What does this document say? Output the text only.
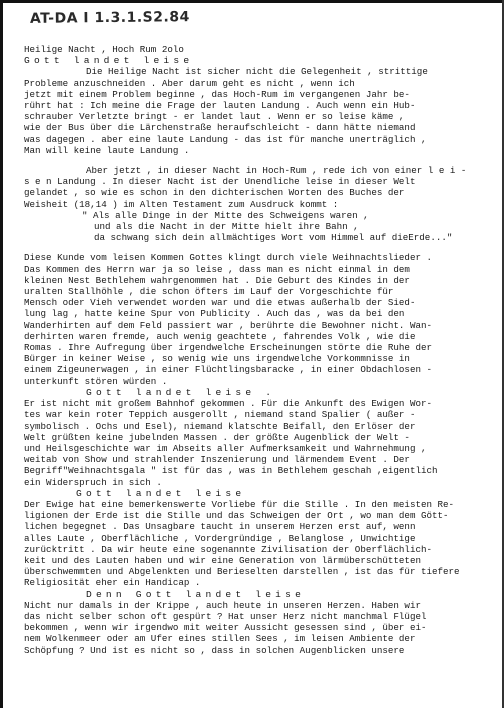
AT-DA I 1.3.1.S2.84

Heilige Nacht , Hoch Rum 2olo

Gott landet leise

Die Heilige Nacht ist sicher nicht die Gelegenheit , strittige

Probleme anzuschneiden . Aber darum geht es nicht , wenn ich

jetzt mit einem Problem beginne , das Hoch-Rum im vergangenen Jahr be-

rührt hat : Ich meine die Frage der lauten Landung . Auch wenn ein Hub-

schrauber Verletzte bringt - er landet laut . Wenn er so leise käme ,

wie der Bus über die Lärchenstraße heraufschleicht - dann hätte niemand

was dagegen . aber eine laute Landung - das ist für manche unerträglich ,

Man will keine laute Landung .

Aber jetzt , in dieser Nacht in Hoch-Rum , rede ich von einer l e i -

s e n Landung . In dieser Nacht ist der Unendliche leise in dieser Welt

gelandet , so wie es schon in den dichterischen Worten des Buches der

Weisheit (18,14 ) im Alten Testament zum Ausdruck kommt :

" Als alle Dinge in der Mitte des Schweigens waren ,

und als die Nacht in der Mitte hielt ihre Bahn ,

da schwang sich dein allmächtiges Wort vom Himmel auf dieErde..."

Diese Kunde vom leisen Kommen Gottes klingt durch viele Weihnachtslieder .

Das Kommen des Herrn war ja so leise , dass man es nicht einmal in dem

kleinen Nest Bethlehem wahrgenommen hat . Die Geburt des Kindes in der

uralten Stallhöhle , die schon öfters im Lauf der Vorgeschichte für

Mensch oder Vieh verwendet worden war und die etwas außerhalb der Sied-

lung lag , hatte keine Spur von Publicity . Auch das , was da bei den

Wanderhirten auf dem Feld passiert war , berührte die Bewohner nicht. Wan-

derhirten waren fremde, auch wenig geachtete , fahrendes Volk , wie die

Romas . Ihre Aufregung über irgendwelche Erscheinungen störte die Ruhe der

Bürger in keiner Weise , so wenig wie uns irgendwelche Vorkommnisse in

einem Zigeunerwagen , in einer Flüchtlingsbaracke , in einer Obdachlosen -

unterkunft stören würden .

Gott landet leise .

Er ist nicht mit großem Bahnhof gekommen . Für die Ankunft des Ewigen Wor-

tes war kein roter Teppich ausgerollt , niemand stand Spalier ( außer -

symbolisch . Ochs und Esel), niemand klatschte Beifall, den Erlöser der

Welt grüßten keine jubelnden Massen . der größte Augenblick der Welt -

und Heilsgeschichte war im Abseits aller Aufmerksamkeit und Wahrnehmung ,

weitab von Show und strahlender Inszenierung und lärmendem Event . Der

Begriff"Weihnachtsgala " ist für das , was in Bethlehem geschah ,eigentlich

ein Widerspruch in sich .

Gott landet leise

Der Ewige hat eine bemerkenswerte Vorliebe für die Stille . In den meisten Re-

ligionen der Erde ist die Stille und das Schweigen der Ort , wo man dem Gött-

lichen begegnet . Das Unsagbare taucht in unserem Herzen erst auf, wenn

alles Laute , Oberflächliche , Vordergründige , Belanglose , Unwichtige

zurücktritt . Da wir heute eine sogenannte Zivilisation der Oberflächlich-

keit und des Lauten haben und wir eine Generation von lärmüberschütteten

überschwemmten und Abgelenkten und Berieselten darstellen , ist das für tiefere

Religiosität eher ein Handicap .

Denn Gott landet leise

Nicht nur damals in der Krippe , auch heute in unseren Herzen. Haben wir

das nicht selber schon oft gespürt ? Hat unser Herz nicht manchmal Flügel

bekommen , wenn wir irgendwo mit weiter Aussicht gesessen sind , über ei-

nem Wolkenmeer oder am Ufer eines stillen Sees , im leisen Ambiente der

Schöpfung ? Und ist es nicht so , dass in solchen Augenblicken unsere
